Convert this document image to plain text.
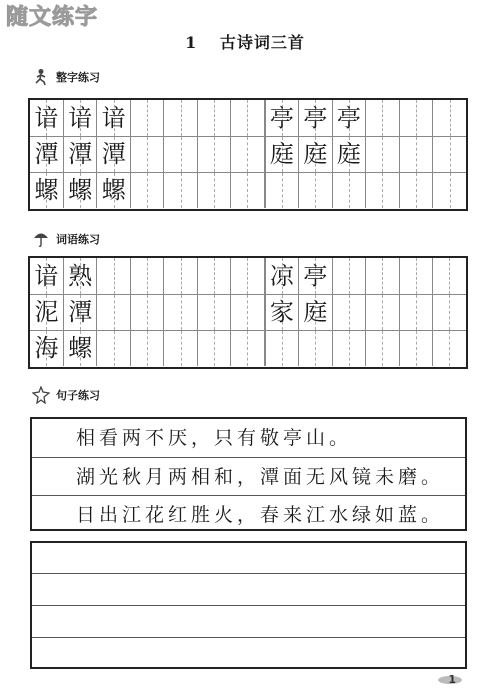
随文练字
1 古诗词三首
整字练习
谙	谙	谙						亭	亭	亭	

潭	潭	潭						庭	庭	庭	

螺	螺	螺	

词语练习
谙	熟							凉	亭	

泥	潭							家	庭	

海	螺	

句子练习
相看两不厌，只有敬亭山。
湖光秋月两相和，潭面无风镜未磨。
日出江花红胜火，春来江水绿如蓝。
1
